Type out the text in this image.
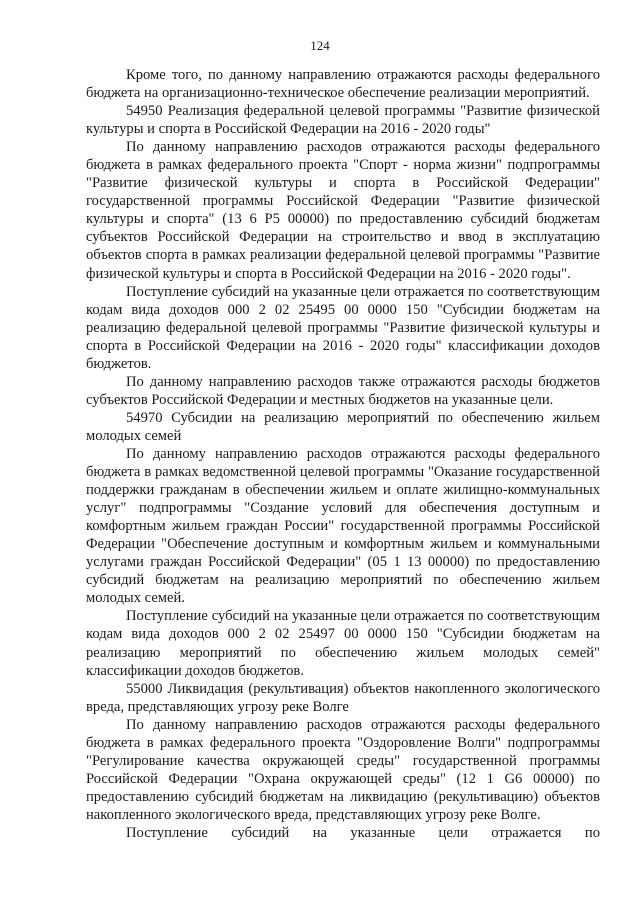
124

Кроме того, по данному направлению отражаются расходы федерального бюджета на организационно-техническое обеспечение реализации мероприятий.

54950 Реализация федеральной целевой программы "Развитие физической культуры и спорта в Российской Федерации на 2016 - 2020 годы"

По данному направлению расходов отражаются расходы федерального бюджета в рамках федерального проекта "Спорт - норма жизни" подпрограммы "Развитие физической культуры и спорта в Российской Федерации" государственной программы Российской Федерации "Развитие физической культуры и спорта" (13 6 P5 00000) по предоставлению субсидий бюджетам субъектов Российской Федерации на строительство и ввод в эксплуатацию объектов спорта в рамках реализации федеральной целевой программы "Развитие физической культуры и спорта в Российской Федерации на 2016 - 2020 годы".

Поступление субсидий на указанные цели отражается по соответствующим кодам вида доходов 000 2 02 25495 00 0000 150 "Субсидии бюджетам на реализацию федеральной целевой программы "Развитие физической культуры и спорта в Российской Федерации на 2016 - 2020 годы" классификации доходов бюджетов.

По данному направлению расходов также отражаются расходы бюджетов субъектов Российской Федерации и местных бюджетов на указанные цели.

54970 Субсидии на реализацию мероприятий по обеспечению жильем молодых семей

По данному направлению расходов отражаются расходы федерального бюджета в рамках ведомственной целевой программы "Оказание государственной поддержки гражданам в обеспечении жильем и оплате жилищно-коммунальных услуг" подпрограммы "Создание условий для обеспечения доступным и комфортным жильем граждан России" государственной программы Российской Федерации "Обеспечение доступным и комфортным жильем и коммунальными услугами граждан Российской Федерации" (05 1 13 00000) по предоставлению субсидий бюджетам на реализацию мероприятий по обеспечению жильем молодых семей.

Поступление субсидий на указанные цели отражается по соответствующим кодам вида доходов 000 2 02 25497 00 0000 150 "Субсидии бюджетам на реализацию мероприятий по обеспечению жильем молодых семей" классификации доходов бюджетов.

55000 Ликвидация (рекультивация) объектов накопленного экологического вреда, представляющих угрозу реке Волге

По данному направлению расходов отражаются расходы федерального бюджета в рамках федерального проекта "Оздоровление Волги" подпрограммы "Регулирование качества окружающей среды" государственной программы Российской Федерации "Охрана окружающей среды" (12 1 G6 00000) по предоставлению субсидий бюджетам на ликвидацию (рекультивацию) объектов накопленного экологического вреда, представляющих угрозу реке Волге.

Поступление субсидий на указанные цели отражается по
